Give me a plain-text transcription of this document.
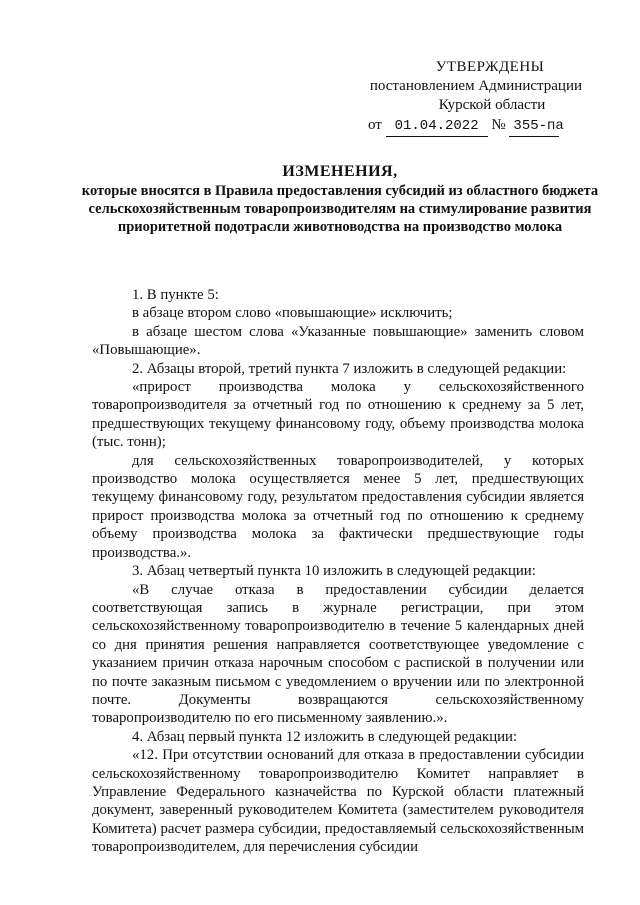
УТВЕРЖДЕНЫ
постановлением Администрации
Курской области
от 01.04.2022 № 355-па
ИЗМЕНЕНИЯ,
которые вносятся в Правила предоставления субсидий из областного бюджета сельскохозяйственным товаропроизводителям на стимулирование развития приоритетной подотрасли животноводства на производство молока

1. В пункте 5:

в абзаце втором слово «повышающие» исключить;

в абзаце шестом слова «Указанные повышающие» заменить словом «Повышающие».

2. Абзацы второй, третий пункта 7 изложить в следующей редакции:

«прирост производства молока у сельскохозяйственного товаропроизводителя за отчетный год по отношению к среднему за 5 лет, предшествующих текущему финансовому году, объему производства молока (тыс. тонн);

для сельскохозяйственных товаропроизводителей, у которых производство молока осуществляется менее 5 лет, предшествующих текущему финансовому году, результатом предоставления субсидии является прирост производства молока за отчетный год по отношению к среднему объему производства молока за фактически предшествующие годы производства.».

3. Абзац четвертый пункта 10 изложить в следующей редакции:

«В случае отказа в предоставлении субсидии делается соответствующая запись в журнале регистрации, при этом сельскохозяйственному товаропроизводителю в течение 5 календарных дней со дня принятия решения направляется соответствующее уведомление с указанием причин отказа нарочным способом с распиской в получении или по почте заказным письмом с уведомлением о вручении или по электронной почте. Документы возвращаются сельскохозяйственному товаропроизводителю по его письменному заявлению.».

4. Абзац первый пункта 12 изложить в следующей редакции:

«12. При отсутствии оснований для отказа в предоставлении субсидии сельскохозяйственному товаропроизводителю Комитет направляет в Управление Федерального казначейства по Курской области платежный документ, заверенный руководителем Комитета (заместителем руководителя Комитета) расчет размера субсидии, предоставляемый сельскохозяйственным товаропроизводителем, для перечисления субсидии
